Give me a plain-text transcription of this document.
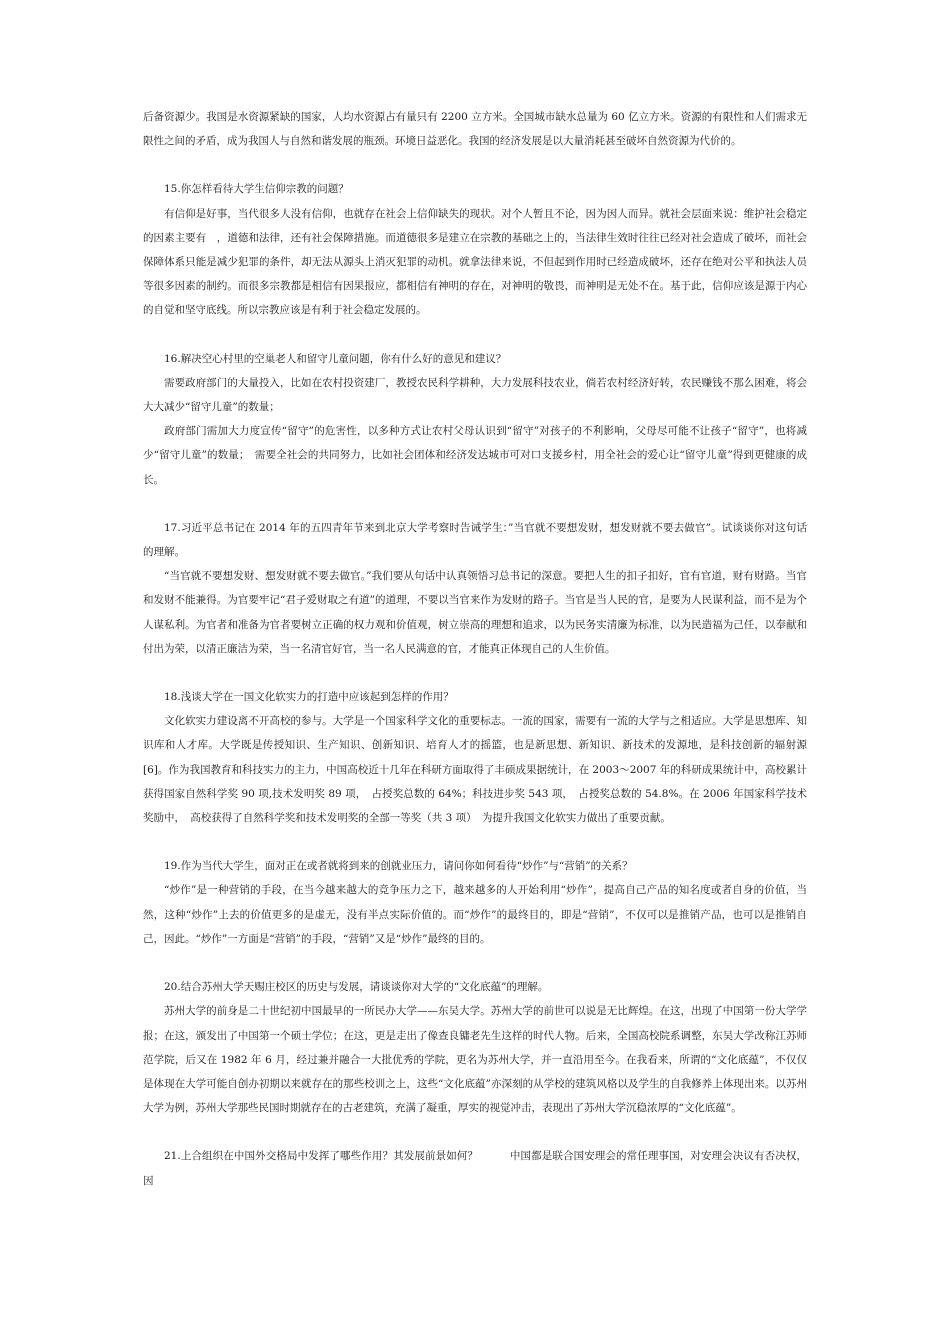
后备资源少。我国是水资源紧缺的国家，人均水资源占有量只有 2200 立方米。全国城市缺水总量为 60 亿立方米。资源的有限性和人们需求无限性之间的矛盾，成为我国人与自然和谐发展的瓶颈。环境日益恶化。我国的经济发展是以大量消耗甚至破坏自然资源为代价的。

15.你怎样看待大学生信仰宗教的问题？

有信仰是好事，当代很多人没有信仰，也就存在社会上信仰缺失的现状。对个人暂且不论，因为因人而异。就社会层面来说：维护社会稳定的因素主要有　，道德和法律，还有社会保障措施。而道德很多是建立在宗教的基础之上的，当法律生效时往往已经对社会造成了破坏，而社会保障体系只能是减少犯罪的条件，却无法从源头上消灭犯罪的动机。就拿法律来说，不但起到作用时已经造成破坏，还存在绝对公平和执法人员等很多因素的制约。而很多宗教都是相信有因果报应，都相信有神明的存在，对神明的敬畏，而神明是无处不在。基于此，信仰应该是源于内心的自觉和坚守底线。所以宗教应该是有利于社会稳定发展的。

16.解决空心村里的空巢老人和留守儿童问题，你有什么好的意见和建议？

需要政府部门的大量投入，比如在农村投资建厂，教授农民科学耕种，大力发展科技农业，倘若农村经济好转，农民赚钱不那么困难，将会大大减少“留守儿童”的数量；

政府部门需加大力度宣传“留守”的危害性，以多种方式让农村父母认识到“留守”对孩子的不利影响，父母尽可能不让孩子“留守”，也将减少“留守儿童”的数量；　需要全社会的共同努力，比如社会团体和经济发达城市可对口支援乡村，用全社会的爱心让“留守儿童”得到更健康的成长。

17.习近平总书记在 2014 年的五四青年节来到北京大学考察时告诫学生：”当官就不要想发财，想发财就不要去做官”。试谈谈你对这句话的理解。

“当官就不要想发财、想发财就不要去做官。”我们要从句话中认真领悟习总书记的深意。要把人生的扣子扣好，官有官道，财有财路。当官和发财不能兼得。为官要牢记“君子爱财取之有道”的道理，不要以当官来作为发财的路子。当官是当人民的官，是要为人民谋利益，而不是为个人谋私利。为官者和准备为官者要树立正确的权力观和价值观，树立崇高的理想和追求，以为民务实清廉为标准，以为民造福为己任，以奉献和付出为荣，以清正廉洁为荣，当一名清官好官，当一名人民满意的官，才能真正体现自己的人生价值。

18.浅谈大学在一国文化软实力的打造中应该起到怎样的作用？

文化软实力建设离不开高校的参与。大学是一个国家科学文化的重要标志。一流的国家，需要有一流的大学与之相适应。大学是思想库、知识库和人才库。大学既是传授知识、生产知识、创新知识、培育人才的摇篮，也是新思想、新知识、新技术的发源地，是科技创新的辐射源 [6]。作为我国教育和科技实力的主力，中国高校近十几年在科研方面取得了丰硕成果据统计，在 2003～2007 年的科研成果统计中，高校累计获得国家自然科学奖 90 项,技术发明奖 89 项，　占授奖总数的 64%；科技进步奖 543 项，　占授奖总数的 54.8%。在 2006 年国家科学技术奖励中，　高校获得了自然科学奖和技术发明奖的全部一等奖（共 3 项）　为提升我国文化软实力做出了重要贡献。

19.作为当代大学生，面对正在或者就将到来的创就业压力，请问你如何看待“炒作”与“营销”的关系？

“炒作”是一种营销的手段，在当今越来越大的竞争压力之下，越来越多的人开始利用“炒作”，提高自己产品的知名度或者自身的价值，当然，这种“炒作”上去的价值更多的是虚无，没有半点实际价值的。而“炒作”的最终目的，即是“营销”，不仅可以是推销产品，也可以是推销自己，因此。“炒作”一方面是“营销”的手段，“营销”又是“炒作”最终的目的。

20.结合苏州大学天赐庄校区的历史与发展，请谈谈你对大学的“文化底蕴”的理解。

苏州大学的前身是二十世纪初中国最早的一所民办大学——东吴大学。苏州大学的前世可以说是无比辉煌。在这，出现了中国第一份大学学报；在这，颁发出了中国第一个硕士学位；在这，更是走出了像查良镛老先生这样的时代人物。后来，全国高校院系调整，东吴大学改称江苏师范学院，后又在 1982 年 6 月，经过兼并融合一大批优秀的学院，更名为苏州大学，并一直沿用至今。在我看来，所谓的“文化底蕴”，不仅仅是体现在大学可能自创办初期以来就存在的那些校训之上，这些“文化底蕴”亦深刻的从学校的建筑风格以及学生的自我修养上体现出来。以苏州大学为例，苏州大学那些民国时期就存在的古老建筑，充满了凝重，厚实的视觉冲击，表现出了苏州大学沉稳浓厚的“文化底蕴”。

21.上合组织在中国外交格局中发挥了哪些作用？其发展前景如何？　　　中国都是联合国安理会的常任理事国，对安理会决议有否决权，因
